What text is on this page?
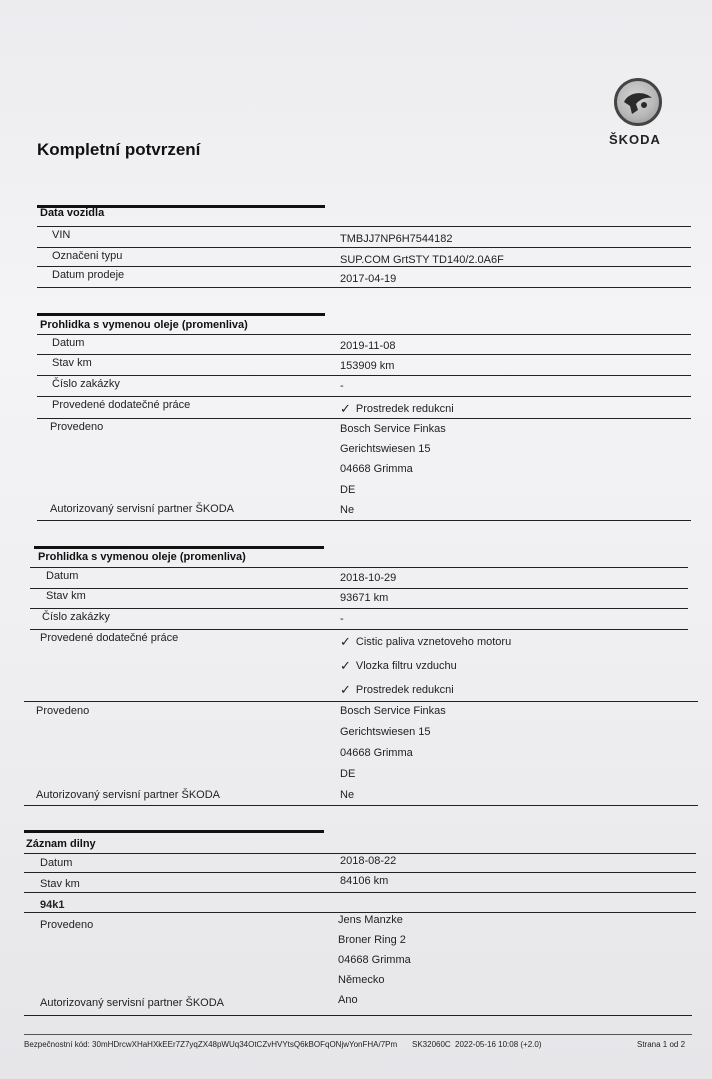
ŠKODA
Kompletní potvrzení
Data vozidla
VIN	TMBJJ7NP6H7544182
Označeni typu	SUP.COM GrtSTY TD140/2.0A6F
Datum prodeje	2017-04-19
Prohlidka s vymenou oleje (promenliva)
Datum	2019-11-08
Stav km	153909 km
Číslo zakázky	-
Provedené dodatečné práce	✓ Prostredek redukcni
Provedeno	Bosch Service Finkas
Gerichtswiesen 15
04668 Grimma
DE
Autorizovaný servisní partner ŠKODA	Ne
Prohlidka s vymenou oleje (promenliva)
Datum	2018-10-29
Stav km	93671 km
Číslo zakázky	-
Provedené dodatečné práce	✓ Cistic paliva vznetoveho motoru
✓ Vlozka filtru vzduchu
✓ Prostredek redukcni
Provedeno	Bosch Service Finkas
Gerichtswiesen 15
04668 Grimma
DE
Autorizovaný servisní partner ŠKODA	Ne
Záznam dilny
Datum	2018-08-22
Stav km	84106 km
94k1
Provedeno	Jens Manzke
Broner Ring 2
04668 Grimma
Německo
Autorizovaný servisní partner ŠKODA	Ano
Bezpečnostní kód: 30mHDrcwXHaHXkEEr7Z7yqZX48pWUq34OtCZvHVYtsQ6kBOFqONjwYonFHA/7Pm SK32060C 2022-05-16 10:08 (+2.0)	Strana 1 od 2
